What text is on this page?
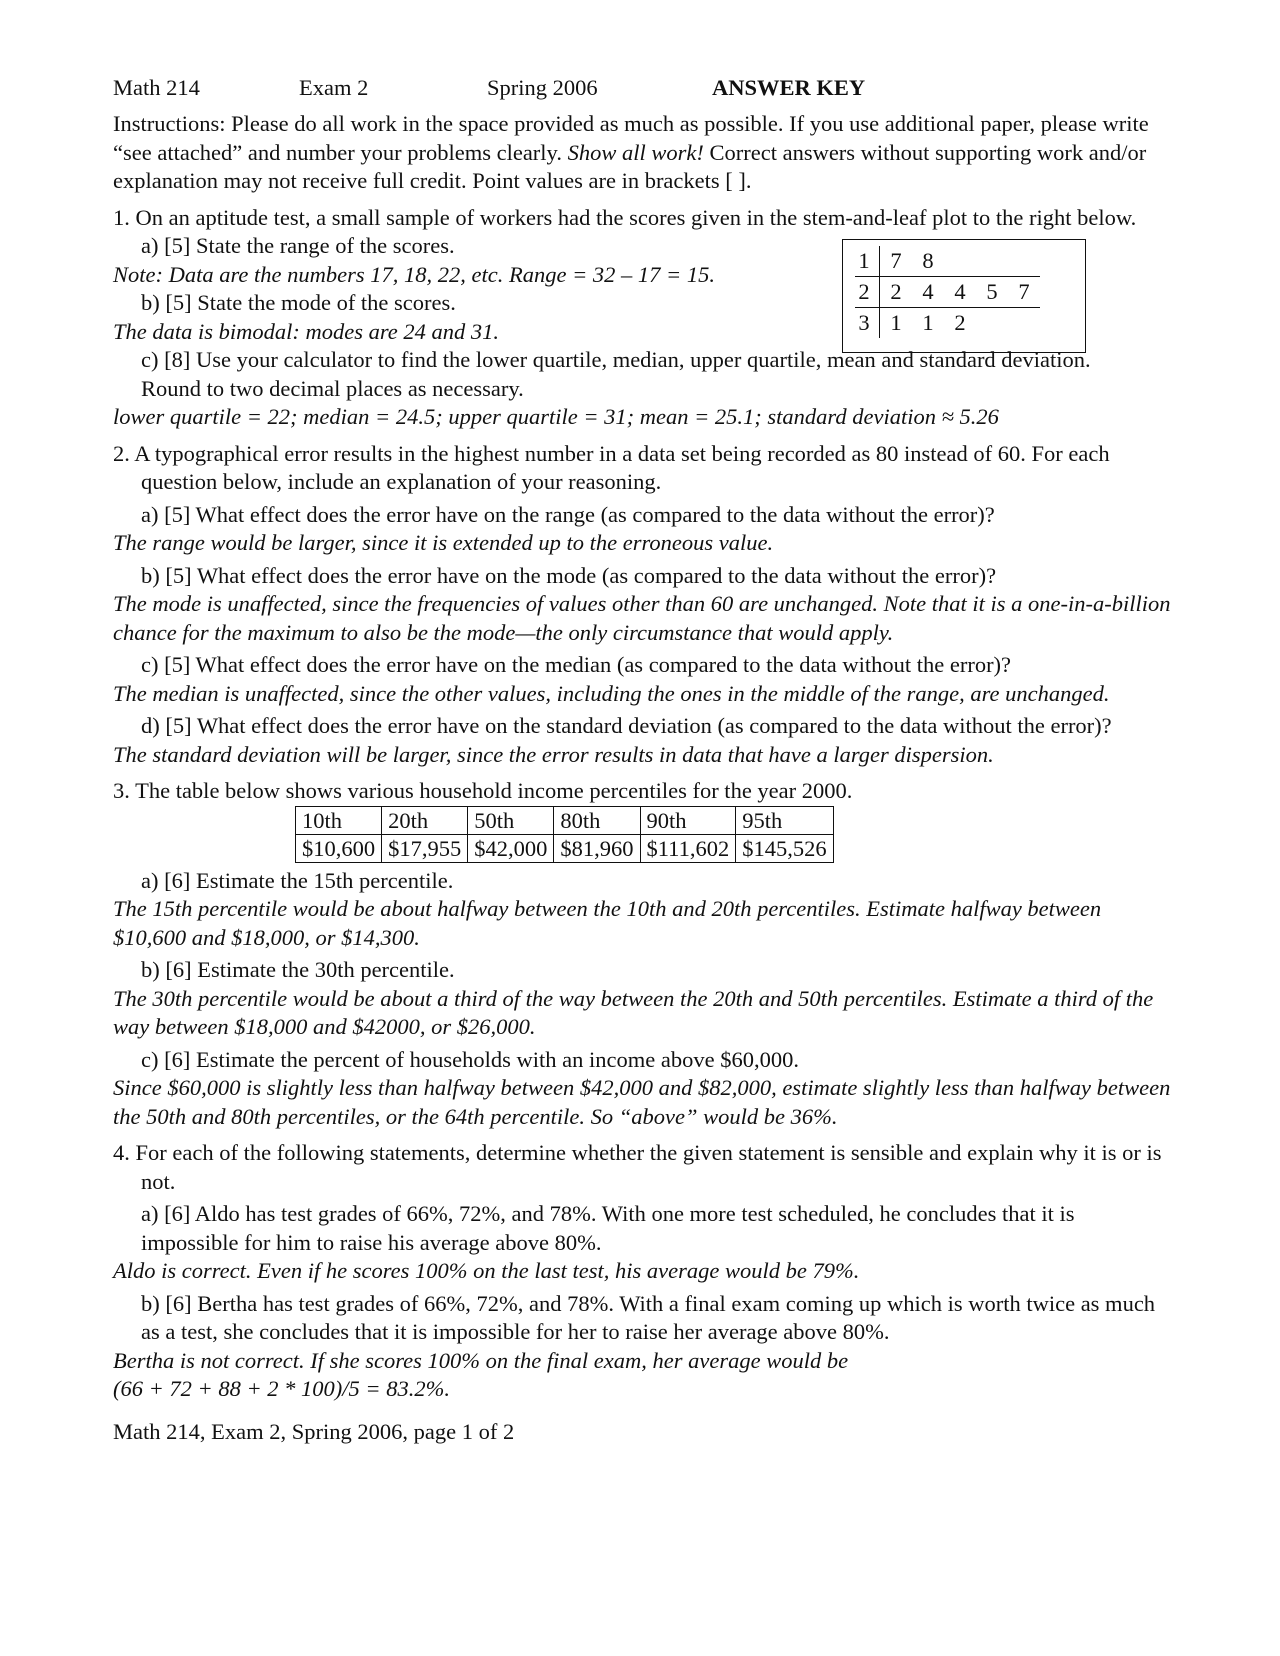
Math 214	Exam 2	Spring 2006	ANSWER KEY

Instructions: Please do all work in the space provided as much as possible. If you use additional paper, please write “see attached” and number your problems clearly. Show all work! Correct answers without supporting work and/or explanation may not receive full credit. Point values are in brackets [ ].

1. On an aptitude test, a small sample of workers had the scores given in the stem-and-leaf plot to the right below.

1	7	8			
2	2	4	4	5	7
3	1	1	2		

a) [5] State the range of the scores.

Note: Data are the numbers 17, 18, 22, etc. Range = 32 – 17 = 15.

b) [5] State the mode of the scores.

The data is bimodal: modes are 24 and 31.

c) [8] Use your calculator to find the lower quartile, median, upper quartile, mean and standard deviation. Round to two decimal places as necessary.

lower quartile = 22; median = 24.5; upper quartile = 31; mean = 25.1; standard deviation ≈ 5.26

2. A typographical error results in the highest number in a data set being recorded as 80 instead of 60. For each question below, include an explanation of your reasoning.

a) [5] What effect does the error have on the range (as compared to the data without the error)?

The range would be larger, since it is extended up to the erroneous value.

b) [5] What effect does the error have on the mode (as compared to the data without the error)?

The mode is unaffected, since the frequencies of values other than 60 are unchanged. Note that it is a one-in-a-billion chance for the maximum to also be the mode—the only circumstance that would apply.

c) [5] What effect does the error have on the median (as compared to the data without the error)?

The median is unaffected, since the other values, including the ones in the middle of the range, are unchanged.

d) [5] What effect does the error have on the standard deviation (as compared to the data without the error)?

The standard deviation will be larger, since the error results in data that have a larger dispersion.

3. The table below shows various household income percentiles for the year 2000.

10th	20th	50th	80th	90th	95th
$10,600	$17,955	$42,000	$81,960	$111,602	$145,526

a) [6] Estimate the 15th percentile.

The 15th percentile would be about halfway between the 10th and 20th percentiles. Estimate halfway between $10,600 and $18,000, or $14,300.

b) [6] Estimate the 30th percentile.

The 30th percentile would be about a third of the way between the 20th and 50th percentiles. Estimate a third of the way between $18,000 and $42000, or $26,000.

c) [6] Estimate the percent of households with an income above $60,000.

Since $60,000 is slightly less than halfway between $42,000 and $82,000, estimate slightly less than halfway between the 50th and 80th percentiles, or the 64th percentile. So “above” would be 36%.

4. For each of the following statements, determine whether the given statement is sensible and explain why it is or is not.

a) [6] Aldo has test grades of 66%, 72%, and 78%. With one more test scheduled, he concludes that it is impossible for him to raise his average above 80%.

Aldo is correct. Even if he scores 100% on the last test, his average would be 79%.

b) [6] Bertha has test grades of 66%, 72%, and 78%. With a final exam coming up which is worth twice as much as a test, she concludes that it is impossible for her to raise her average above 80%.

Bertha is not correct. If she scores 100% on the final exam, her average would be

(66 + 72 + 88 + 2 * 100)/5 = 83.2%.

Math 214, Exam 2, Spring 2006, page 1 of 2
